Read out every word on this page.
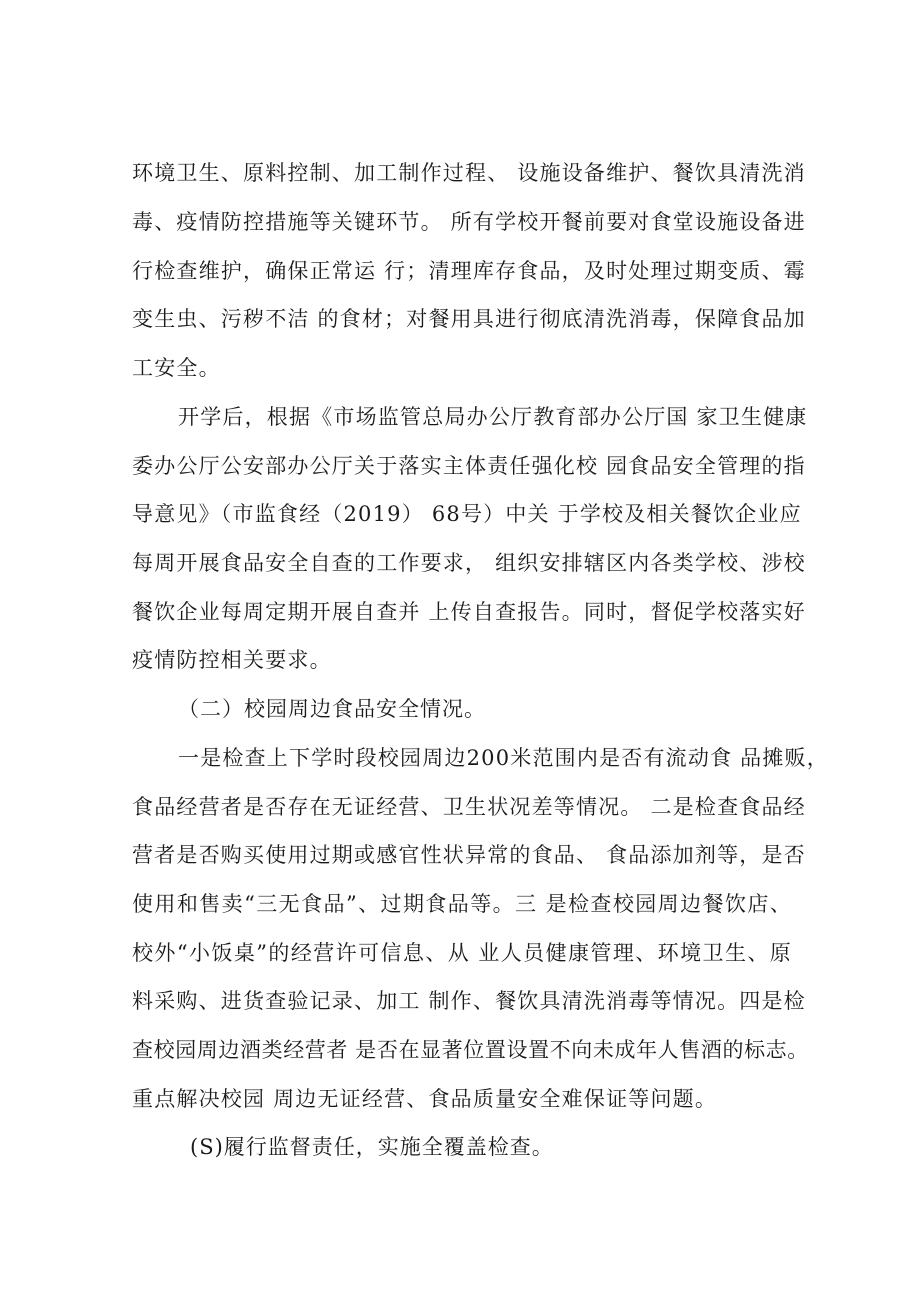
环境卫生、原料控制、加工制作过程、 设施设备维护、餐饮具清洗消
毒、疫情防控措施等关键环节。 所有学校开餐前要对食堂设施设备进
行检查维护，确保正常运 行；清理库存食品，及时处理过期变质、霉
变生虫、污秽不洁 的食材；对餐用具进行彻底清洗消毒，保障食品加
工安全。
开学后，根据《市场监管总局办公厅教育部办公厅国 家卫生健康
委办公厅公安部办公厅关于落实主体责任强化校 园食品安全管理的指
导意见》（市监食经（2019） 68号）中关 于学校及相关餐饮企业应
每周开展食品安全自查的工作要求， 组织安排辖区内各类学校、涉校
餐饮企业每周定期开展自查并 上传自查报告。同时，督促学校落实好
疫情防控相关要求。
（二）校园周边食品安全情况。
一是检查上下学时段校园周边200米范围内是否有流动食 品摊贩，
食品经营者是否存在无证经营、卫生状况差等情况。 二是检查食品经
营者是否购买使用过期或感官性状异常的食品、 食品添加剂等，是否
使用和售卖“三无食品”、过期食品等。三 是检查校园周边餐饮店、
校外“小饭桌”的经营许可信息、从 业人员健康管理、环境卫生、原
料采购、进货查验记录、加工 制作、餐饮具清洗消毒等情况。四是检
查校园周边酒类经营者 是否在显著位置设置不向未成年人售酒的标志。
重点解决校园 周边无证经营、食品质量安全难保证等问题。
(S)履行监督责任，实施全覆盖检查。
